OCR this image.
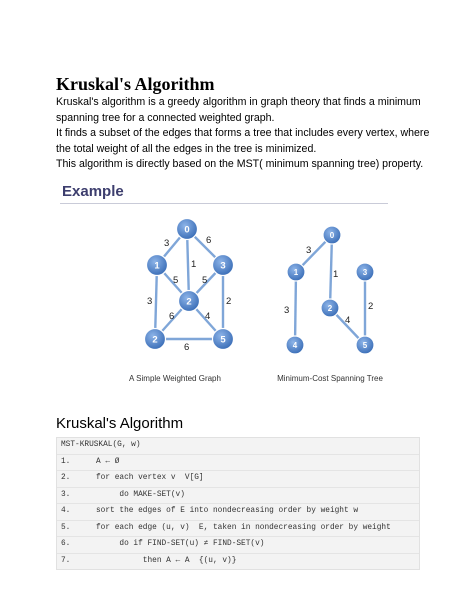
Kruskal's Algorithm
Kruskal's algorithm is a greedy algorithm in graph theory that finds a minimum
spanning tree for a connected weighted graph.
It finds a subset of the edges that forms a tree that includes every vertex, where
the total weight of all the edges in the tree is minimized.
This algorithm is directly based on the MST( minimum spanning tree) property.
Example
3	6
1
5 5
3	2
6	4
6
0
1	3
2
2	5
3
1
3
4
2
0
1	3
2
4	5
A Simple Weighted Graph	Minimum-Cost Spanning Tree
Kruskal's Algorithm
MST-KRUSKAL(G, w)
1.	A ← Ø
2.	for each vertex v  V[G]
3.	do MAKE-SET(v)
4.	sort the edges of E into nondecreasing order by weight w
5.	for each edge (u, v)  E, taken in nondecreasing order by weight
6.	do if FIND-SET(u) ≠ FIND-SET(v)
7.	then A ← A  {(u, v)}
